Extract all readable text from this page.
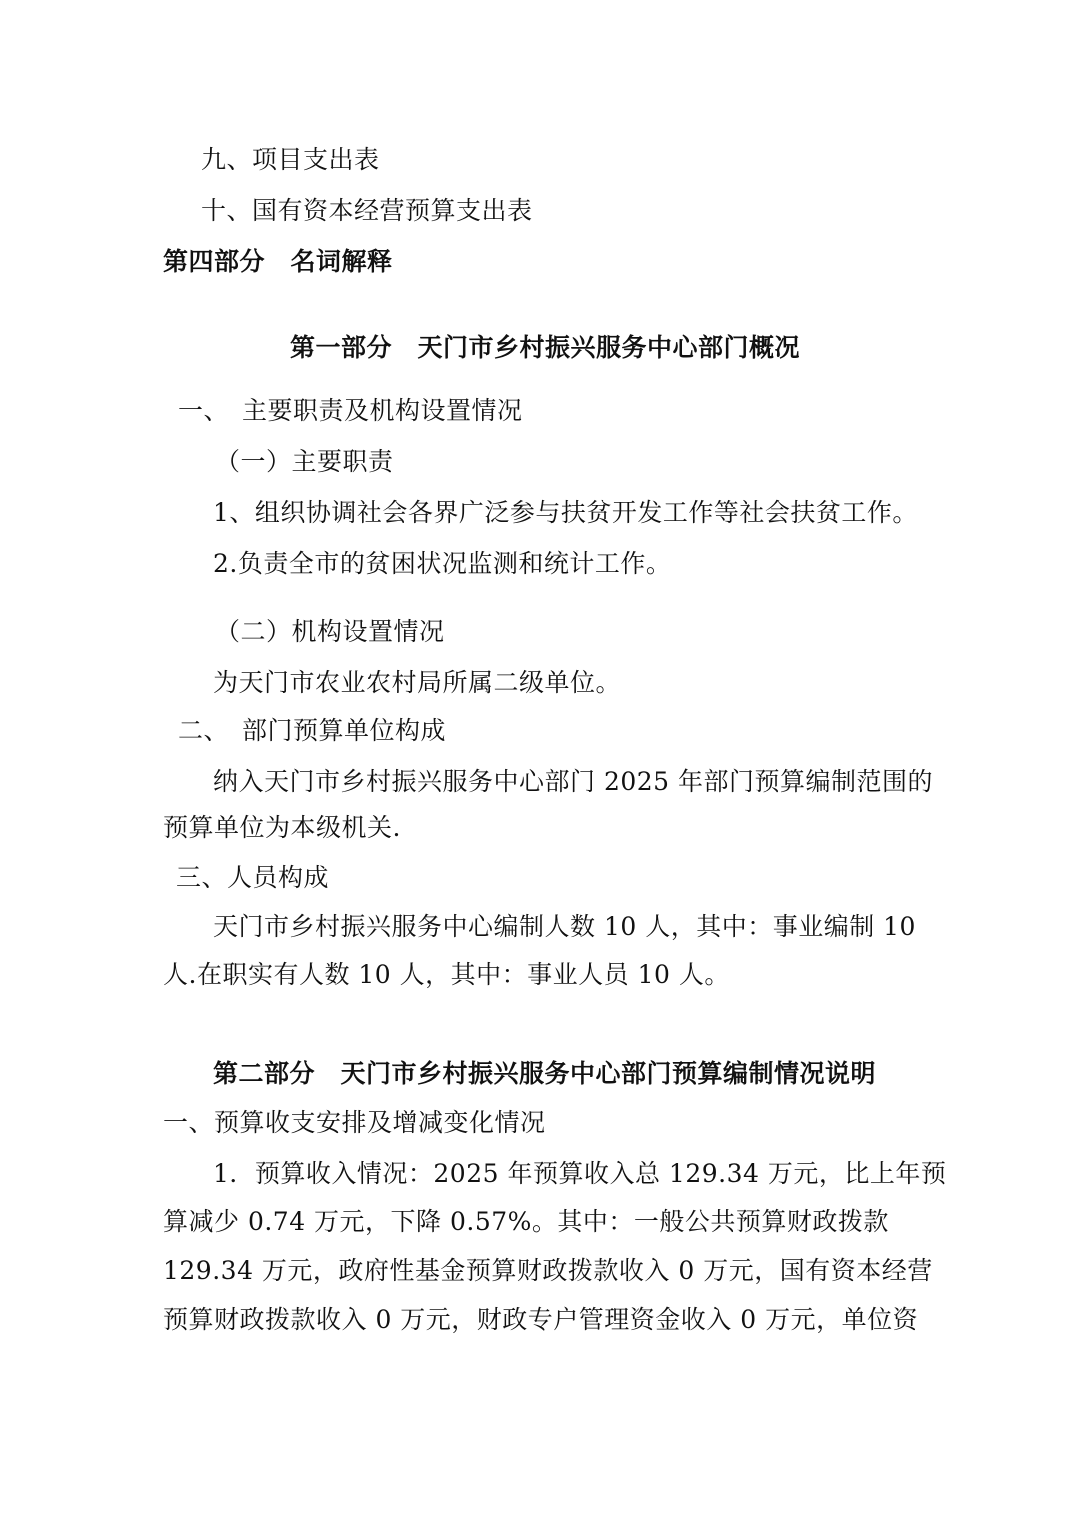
九、项目支出表
十、国有资本经营预算支出表
第四部分　名词解释
第一部分　天门市乡村振兴服务中心部门概况
一、　主要职责及机构设置情况
（一）主要职责
1、组织协调社会各界广泛参与扶贫开发工作等社会扶贫工作。
2.负责全市的贫困状况监测和统计工作。
（二）机构设置情况
为天门市农业农村局所属二级单位。
二、　部门预算单位构成
纳入天门市乡村振兴服务中心部门 2025 年部门预算编制范围的
预算单位为本级机关.
三、人员构成
天门市乡村振兴服务中心编制人数 10 人，其中：事业编制 10
人.在职实有人数 10 人，其中：事业人员 10 人。
第二部分　天门市乡村振兴服务中心部门预算编制情况说明
一、预算收支安排及增减变化情况
1．预算收入情况：2025 年预算收入总 129.34 万元，比上年预
算减少 0.74 万元，下降 0.57%。其中：一般公共预算财政拨款
129.34 万元，政府性基金预算财政拨款收入 0 万元，国有资本经营
预算财政拨款收入 0 万元，财政专户管理资金收入 0 万元，单位资
